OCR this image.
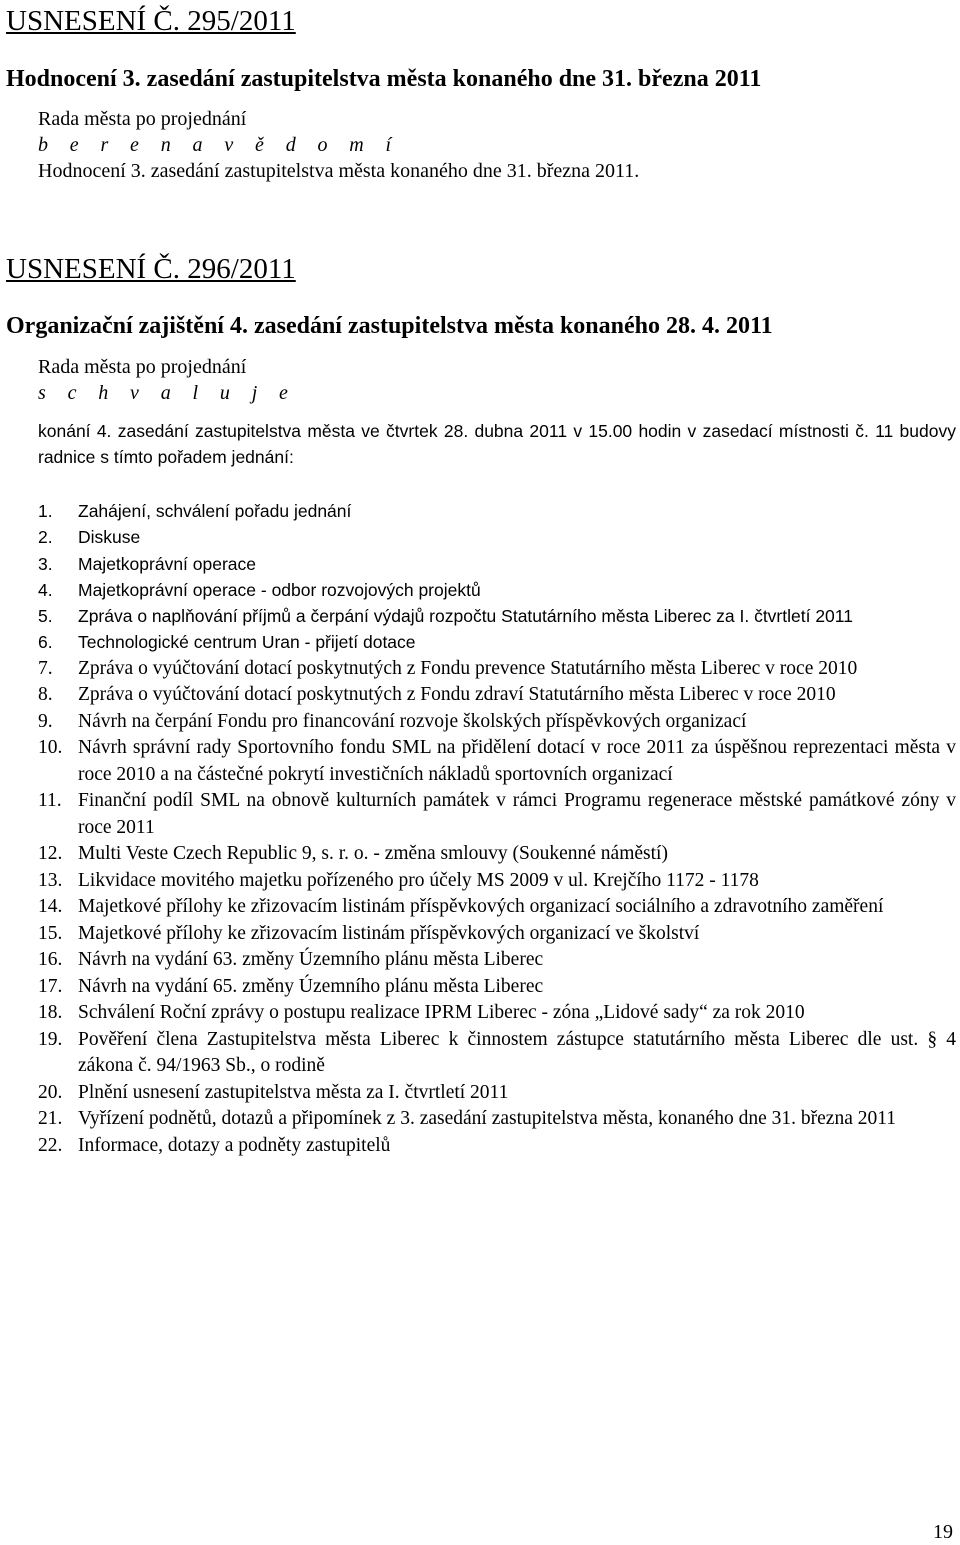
USNESENÍ Č. 295/2011
Hodnocení 3. zasedání zastupitelstva města konaného dne 31. března 2011
Rada města po projednání
b e r e n a v ě d o m í
Hodnocení 3. zasedání zastupitelstva města konaného dne 31. března 2011.
USNESENÍ Č. 296/2011
Organizační zajištění 4. zasedání zastupitelstva města konaného 28. 4. 2011
Rada města po projednání
s c h v a l u j e
konání 4. zasedání zastupitelstva města ve čtvrtek 28. dubna 2011 v 15.00 hodin v zasedací místnosti č. 11 budovy radnice s tímto pořadem jednání:
1. Zahájení, schválení pořadu jednání
2. Diskuse
3. Majetkoprávní operace
4. Majetkoprávní operace - odbor rozvojových projektů
5. Zpráva o naplňování příjmů a čerpání výdajů rozpočtu Statutárního města Liberec za I. čtvrtletí 2011
6. Technologické centrum Uran - přijetí dotace
7. Zpráva o vyúčtování dotací poskytnutých z Fondu prevence Statutárního města Liberec v roce 2010
8. Zpráva o vyúčtování dotací poskytnutých z Fondu zdraví Statutárního města Liberec v roce 2010
9. Návrh na čerpání Fondu pro financování rozvoje školských příspěvkových organizací
10. Návrh správní rady Sportovního fondu SML na přidělení dotací v roce 2011 za úspěšnou reprezentaci města v roce 2010 a na částečné pokrytí investičních nákladů sportovních organizací
11. Finanční podíl SML na obnově kulturních památek v rámci Programu regenerace městské památkové zóny v roce 2011
12. Multi Veste Czech Republic 9, s. r. o. - změna smlouvy (Soukenné náměstí)
13. Likvidace movitého majetku pořízeného pro účely MS 2009 v ul. Krejčího 1172 - 1178
14. Majetkové přílohy ke zřizovacím listinám příspěvkových organizací sociálního a zdravotního zaměření
15. Majetkové přílohy ke zřizovacím listinám příspěvkových organizací ve školství
16. Návrh na vydání 63. změny Územního plánu města Liberec
17. Návrh na vydání 65. změny Územního plánu města Liberec
18. Schválení Roční zprávy o postupu realizace IPRM Liberec - zóna „Lidové sady“ za rok 2010
19. Pověření člena Zastupitelstva města Liberec k činnostem zástupce statutárního města Liberec dle ust. § 4 zákona č. 94/1963 Sb., o rodině
20. Plnění usnesení zastupitelstva města za I. čtvrtletí 2011
21. Vyřízení podnětů, dotazů a připomínek z 3. zasedání zastupitelstva města, konaného dne 31. března 2011
22. Informace, dotazy a podněty zastupitelů
19
